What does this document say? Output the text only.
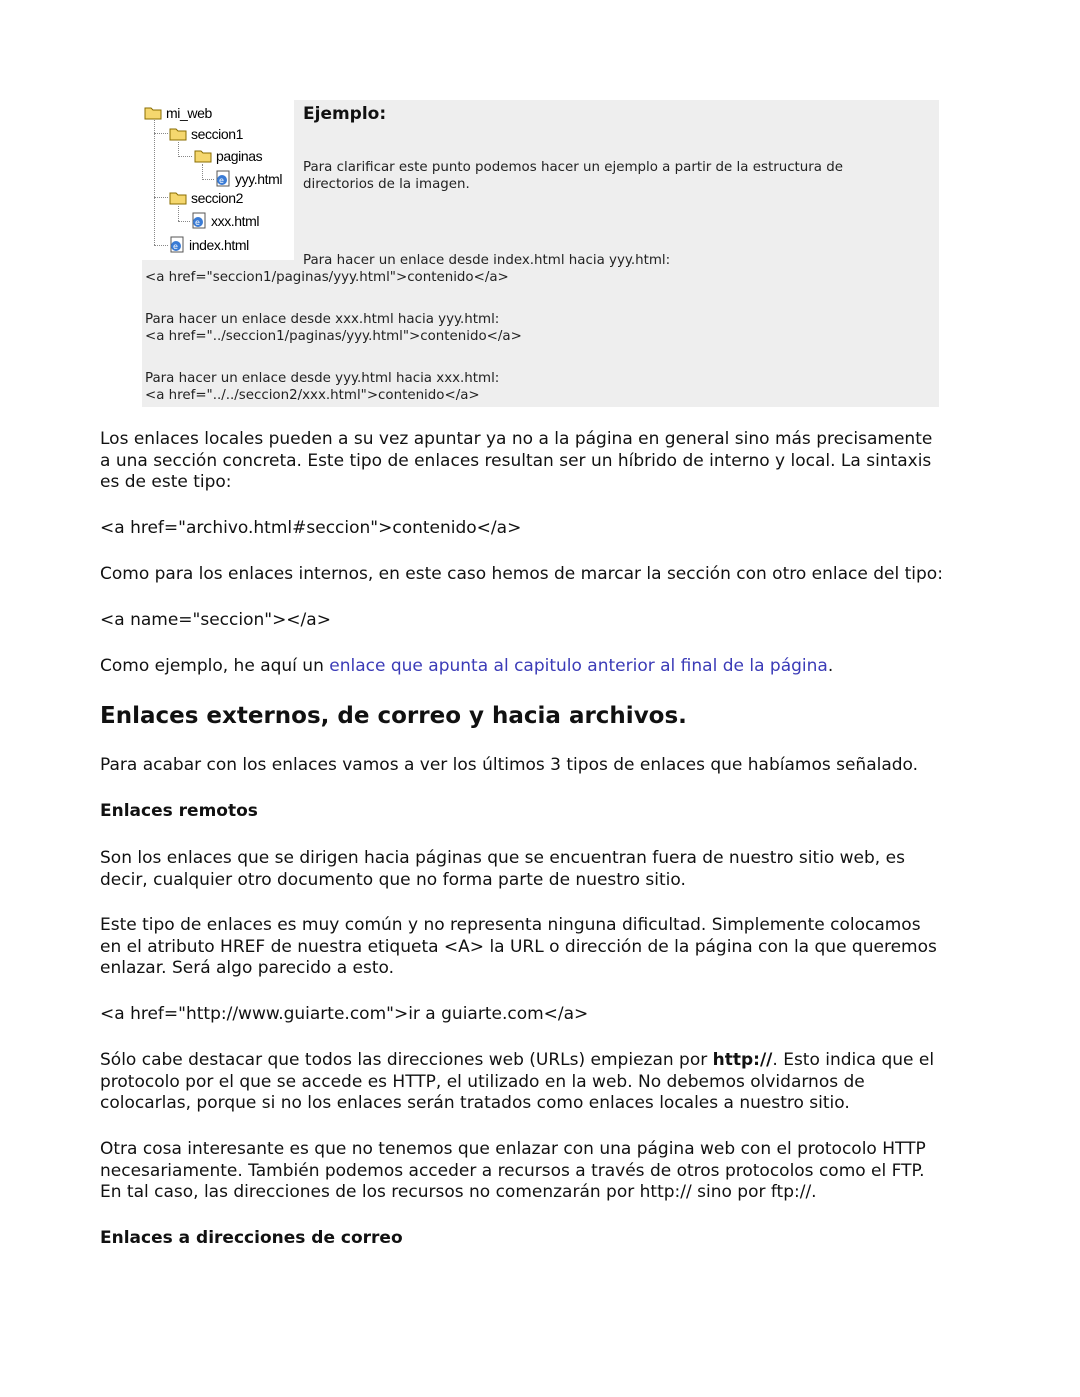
mi_web
seccion1
paginas
e yyy.html
seccion2
e xxx.html
e index.html
Ejemplo:
Para clarificar este punto podemos hacer un ejemplo a partir de la estructura de
directorios de la imagen.
Para hacer un enlace desde index.html hacia yyy.html:
<a href="seccion1/paginas/yyy.html">contenido</a>
Para hacer un enlace desde xxx.html hacia yyy.html:
<a href="../seccion1/paginas/yyy.html">contenido</a>
Para hacer un enlace desde yyy.html hacia xxx.html:
<a href="../../seccion2/xxx.html">contenido</a>
Los enlaces locales pueden a su vez apuntar ya no a la página en general sino más precisamente
a una sección concreta. Este tipo de enlaces resultan ser un híbrido de interno y local. La sintaxis
es de este tipo:
<a href="archivo.html#seccion">contenido</a>
Como para los enlaces internos, en este caso hemos de marcar la sección con otro enlace del tipo:
<a name="seccion"></a>
Como ejemplo, he aquí un enlace que apunta al capitulo anterior al final de la página.
Enlaces externos, de correo y hacia archivos.
Para acabar con los enlaces vamos a ver los últimos 3 tipos de enlaces que habíamos señalado.
Enlaces remotos
Son los enlaces que se dirigen hacia páginas que se encuentran fuera de nuestro sitio web, es
decir, cualquier otro documento que no forma parte de nuestro sitio.
Este tipo de enlaces es muy común y no representa ninguna dificultad. Simplemente colocamos
en el atributo HREF de nuestra etiqueta <A> la URL o dirección de la página con la que queremos
enlazar. Será algo parecido a esto.
<a href="http://www.guiarte.com">ir a guiarte.com</a>
Sólo cabe destacar que todos las direcciones web (URLs) empiezan por http://. Esto indica que el
protocolo por el que se accede es HTTP, el utilizado en la web. No debemos olvidarnos de
colocarlas, porque si no los enlaces serán tratados como enlaces locales a nuestro sitio.
Otra cosa interesante es que no tenemos que enlazar con una página web con el protocolo HTTP
necesariamente. También podemos acceder a recursos a través de otros protocolos como el FTP.
En tal caso, las direcciones de los recursos no comenzarán por http:// sino por ftp://.
Enlaces a direcciones de correo
